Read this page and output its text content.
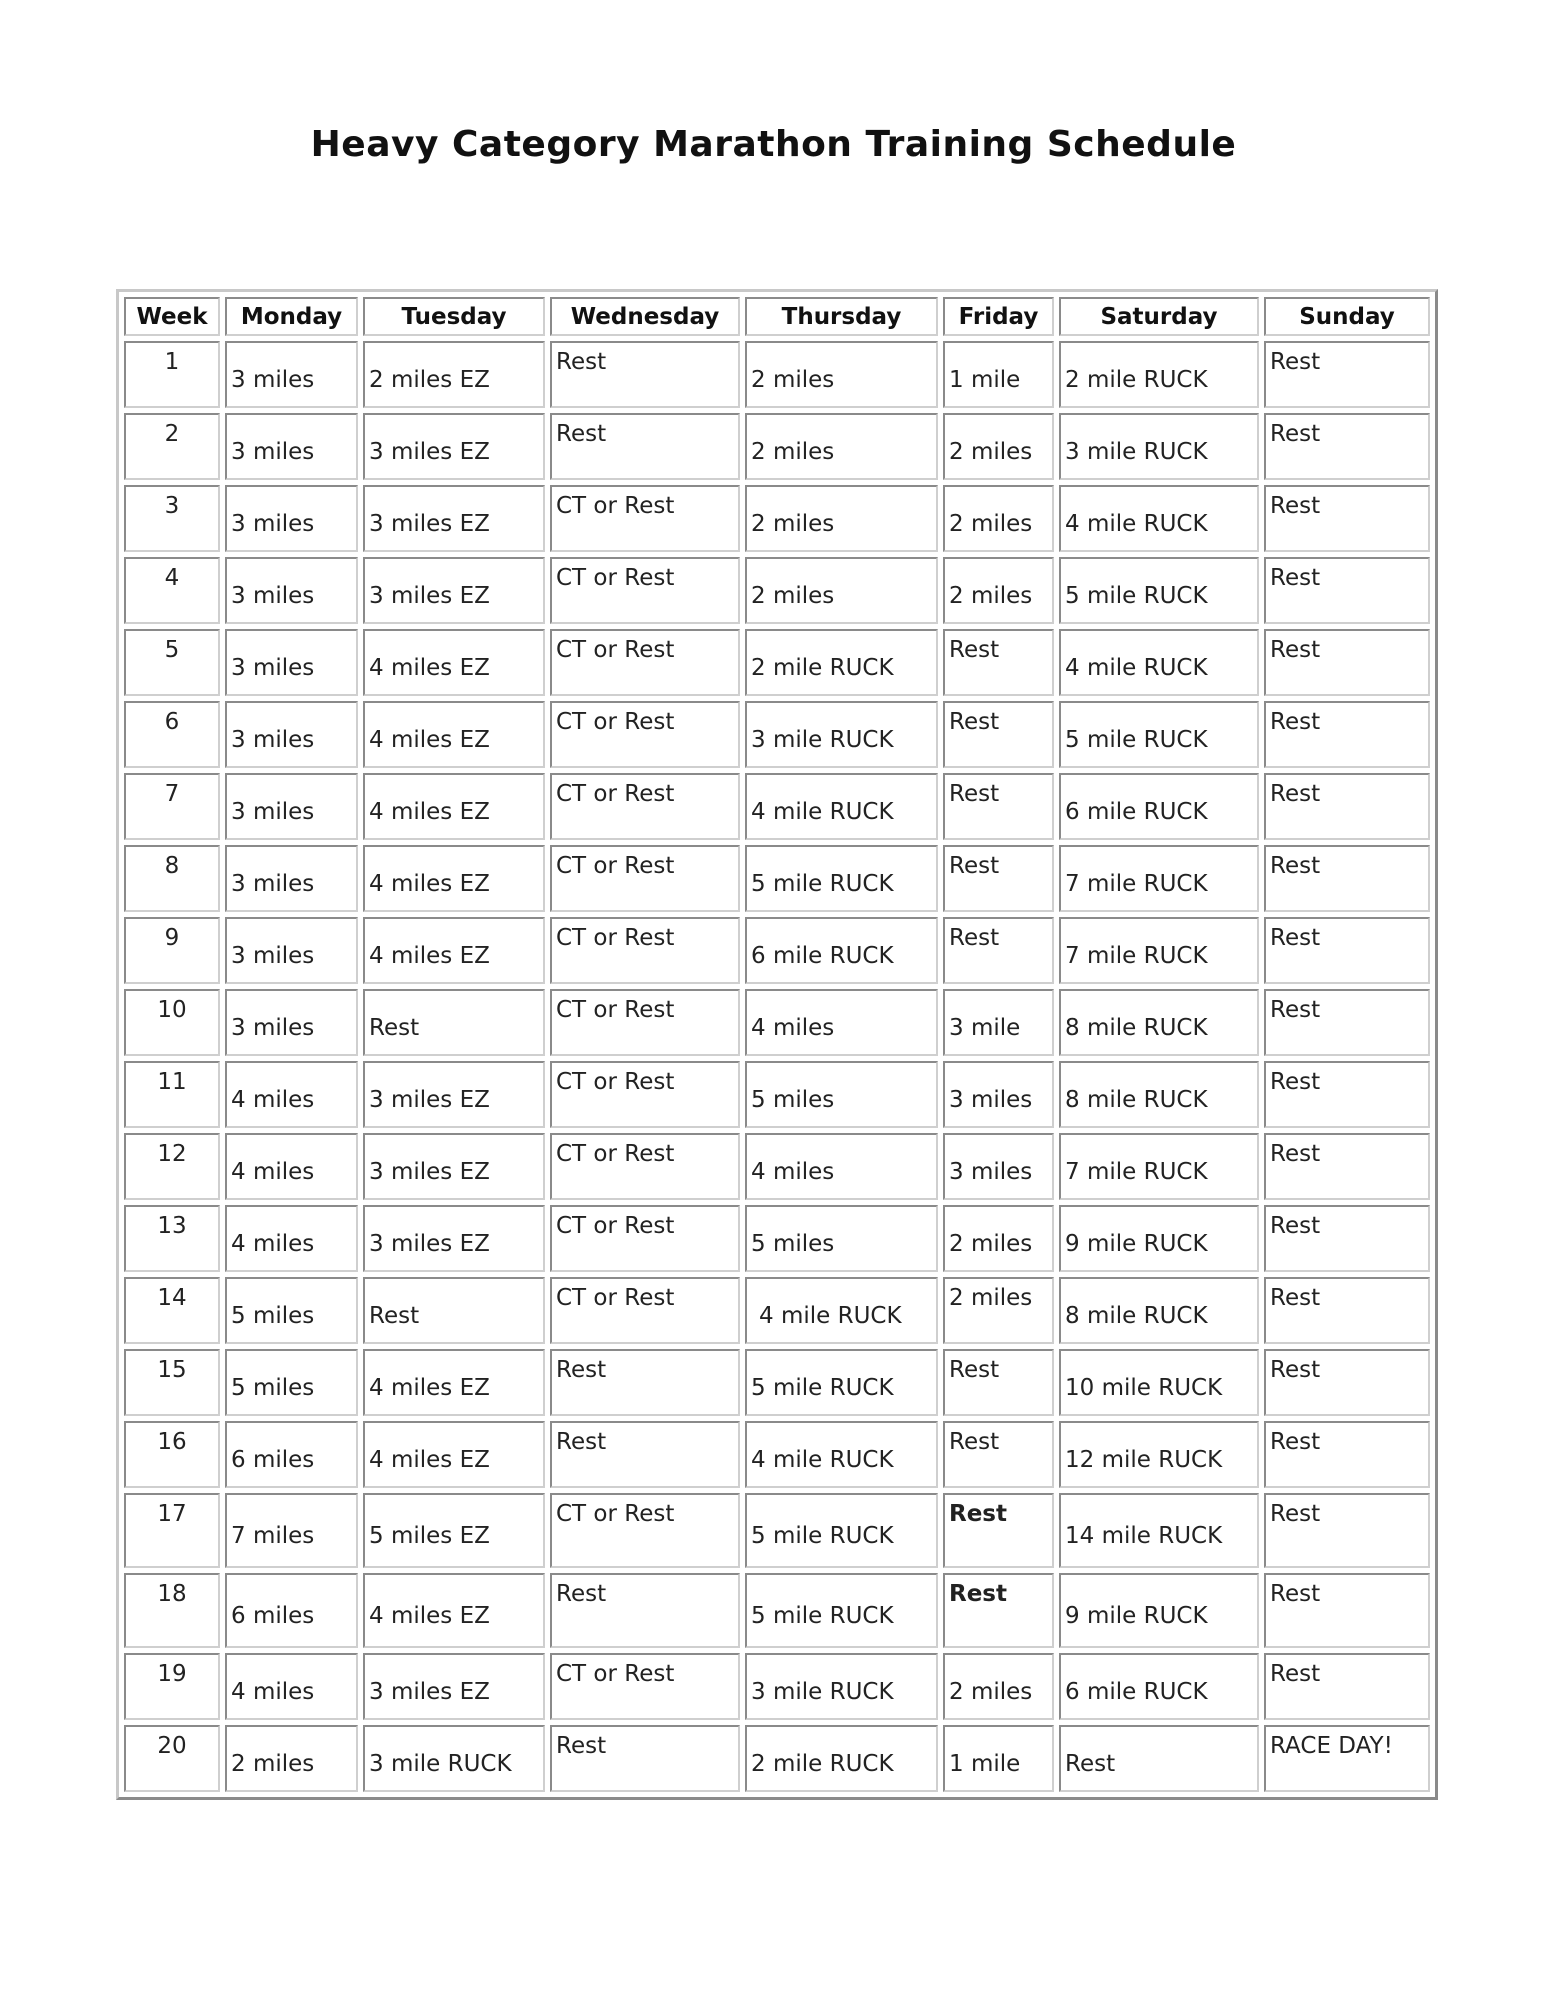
Heavy Category Marathon Training Schedule
Week	Monday	Tuesday	Wednesday	Thursday	Friday	Saturday	Sunday
1	3 miles	2 miles EZ	Rest	2 miles	1 mile	2 mile RUCK	Rest
2	3 miles	3 miles EZ	Rest	2 miles	2 miles	3 mile RUCK	Rest
3	3 miles	3 miles EZ	CT or Rest	2 miles	2 miles	4 mile RUCK	Rest
4	3 miles	3 miles EZ	CT or Rest	2 miles	2 miles	5 mile RUCK	Rest
5	3 miles	4 miles EZ	CT or Rest	2 mile RUCK	Rest	4 mile RUCK	Rest
6	3 miles	4 miles EZ	CT or Rest	3 mile RUCK	Rest	5 mile RUCK	Rest
7	3 miles	4 miles EZ	CT or Rest	4 mile RUCK	Rest	6 mile RUCK	Rest
8	3 miles	4 miles EZ	CT or Rest	5 mile RUCK	Rest	7 mile RUCK	Rest
9	3 miles	4 miles EZ	CT or Rest	6 mile RUCK	Rest	7 mile RUCK	Rest
10	3 miles	Rest	CT or Rest	4 miles	3 mile	8 mile RUCK	Rest
11	4 miles	3 miles EZ	CT or Rest	5 miles	3 miles	8 mile RUCK	Rest
12	4 miles	3 miles EZ	CT or Rest	4 miles	3 miles	7 mile RUCK	Rest
13	4 miles	3 miles EZ	CT or Rest	5 miles	2 miles	9 mile RUCK	Rest
14	5 miles	Rest	CT or Rest	4 mile RUCK	2 miles	8 mile RUCK	Rest
15	5 miles	4 miles EZ	Rest	5 mile RUCK	Rest	10 mile RUCK	Rest
16	6 miles	4 miles EZ	Rest	4 mile RUCK	Rest	12 mile RUCK	Rest
17	7 miles	5 miles EZ	CT or Rest	5 mile RUCK	Rest	14 mile RUCK	Rest
18	6 miles	4 miles EZ	Rest	5 mile RUCK	Rest	9 mile RUCK	Rest
19	4 miles	3 miles EZ	CT or Rest	3 mile RUCK	2 miles	6 mile RUCK	Rest
20	2 miles	3 mile RUCK	Rest	2 mile RUCK	1 mile	Rest	RACE DAY!
